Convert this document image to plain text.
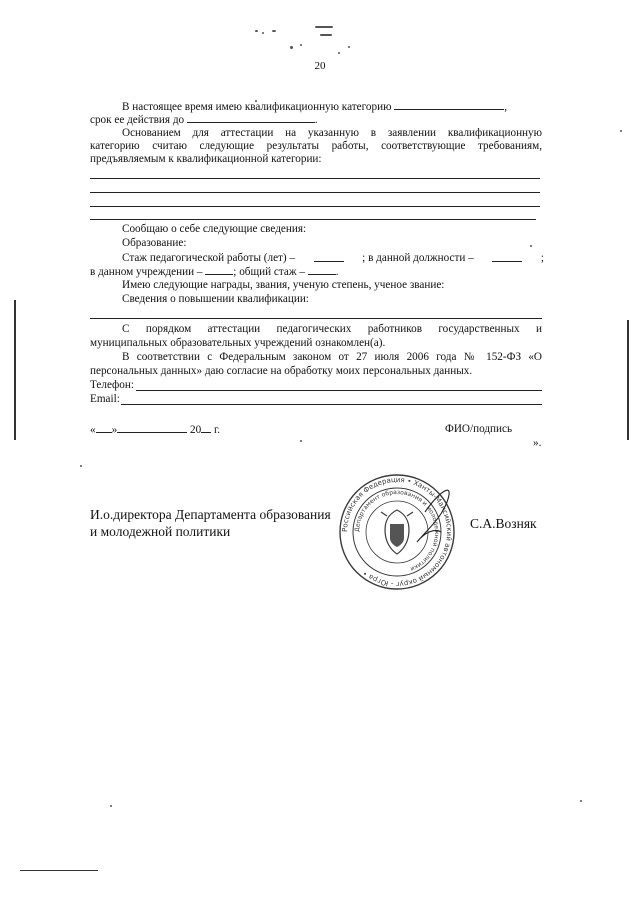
20
В настоящее время имею квалификационную категорию	,
срок ее действия до	.
Основанием для аттестации на указанную в заявлении квалификационную
категорию считаю следующие результаты работы, соответствующие требованиям,
предъявляемым к квалификационной категории:
Сообщаю о себе следующие сведения:
Образование:
Стаж педагогической работы (лет) –	; в данной должности –	;
в данном учреждении –	; общий стаж –	.
Имею следующие награды, звания, ученую степень, ученое звание:
Сведения о повышении квалификации:
С порядком аттестации педагогических работников государственных и
муниципальных образовательных учреждений ознакомлен(а).
В соответствии с Федеральным законом от 27 июля 2006 года № 152-ФЗ «О
персональных данных» даю согласие на обработку моих персональных данных.
Телефон:
Email:
« »	20 г.	ФИО/подпись
».
И.о.директора Департамента образования
и молодежной политики
С.А.Возняк
Российская Федерация • Ханты-Мансийский автономный округ - Югра •
Департамент образования и молодежной политики
